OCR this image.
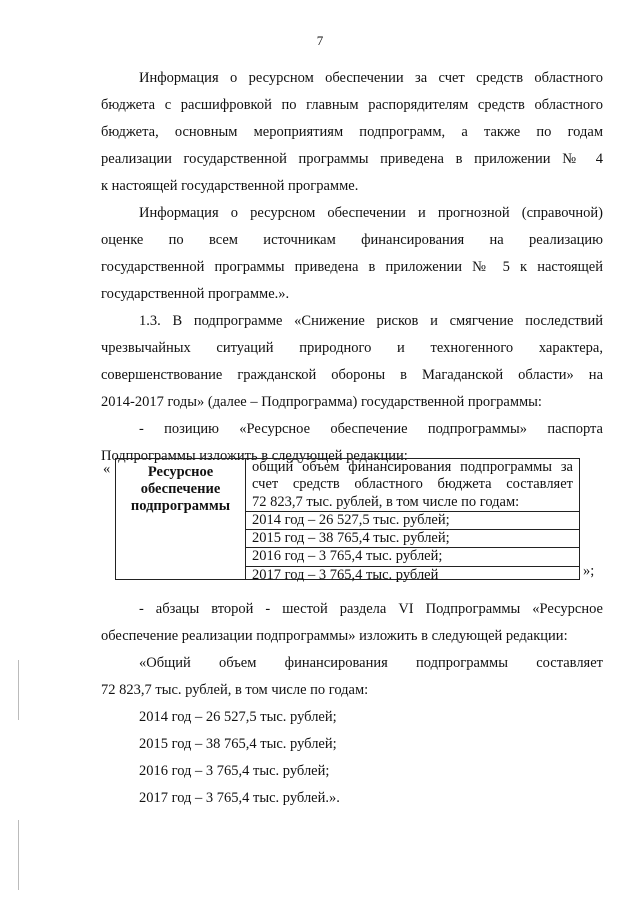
7
Информация о ресурсном обеспечении за счет средств областного
бюджета с расшифровкой по главным распорядителям средств областного
бюджета, основным мероприятиям подпрограмм, а также по годам
реализации государственной программы приведена в приложении № 4
к настоящей государственной программе.
Информация о ресурсном обеспечении и прогнозной (справочной)
оценке по всем источникам финансирования на реализацию
государственной программы приведена в приложении № 5 к настоящей
государственной программе.».
1.3. В подпрограмме «Снижение рисков и смягчение последствий
чрезвычайных ситуаций природного и техногенного характера,
совершенствование гражданской обороны в Магаданской области» на
2014-2017 годы» (далее – Подпрограмма) государственной программы:
- позицию «Ресурсное обеспечение подпрограммы» паспорта
Подпрограммы изложить в следующей редакции:
«	Ресурсное
обеспечение
подпрограммы
общий объем финансирования подпрограммы за
счет средств областного бюджета составляет
72 823,7 тыс. рублей, в том числе по годам:
2014 год – 26 527,5 тыс. рублей;
2015 год – 38 765,4 тыс. рублей;
2016 год – 3 765,4 тыс. рублей;
2017 год – 3 765,4 тыс. рублей	»;
- абзацы второй - шестой раздела VI Подпрограммы «Ресурсное
обеспечение реализации подпрограммы» изложить в следующей редакции:
«Общий объем финансирования подпрограммы составляет
72 823,7 тыс. рублей, в том числе по годам:
2014 год – 26 527,5 тыс. рублей;
2015 год – 38 765,4 тыс. рублей;
2016 год – 3 765,4 тыс. рублей;
2017 год – 3 765,4 тыс. рублей.».
